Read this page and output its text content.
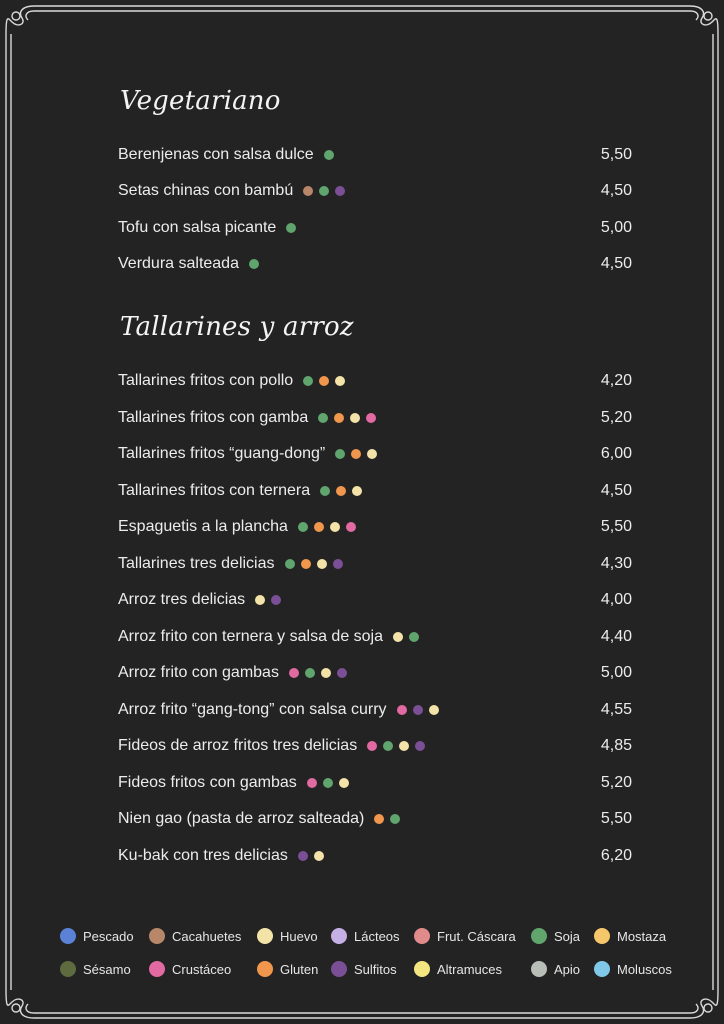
Vegetariano
Berenjenas con salsa dulce	5,50
Setas chinas con bambú	4,50
Tofu con salsa picante	5,00
Verdura salteada	4,50
Tallarines y arroz
Tallarines fritos con pollo	4,20
Tallarines fritos con gamba	5,20
Tallarines fritos “guang-dong”	6,00
Tallarines fritos con ternera	4,50
Espaguetis a la plancha	5,50
Tallarines tres delicias	4,30
Arroz tres delicias	4,00
Arroz frito con ternera y salsa de soja	4,40
Arroz frito con gambas	5,00
Arroz frito “gang-tong” con salsa curry	4,55
Fideos de arroz fritos tres delicias	4,85
Fideos fritos con gambas	5,20
Nien gao (pasta de arroz salteada)	5,50
Ku-bak con tres delicias	6,20
Pescado	Cacahuetes	Huevo	Lácteos	Frut. Cáscara	Soja	Mostaza
Sésamo	Crustáceo	Gluten	Sulfitos	Altramuces	Apio	Moluscos
